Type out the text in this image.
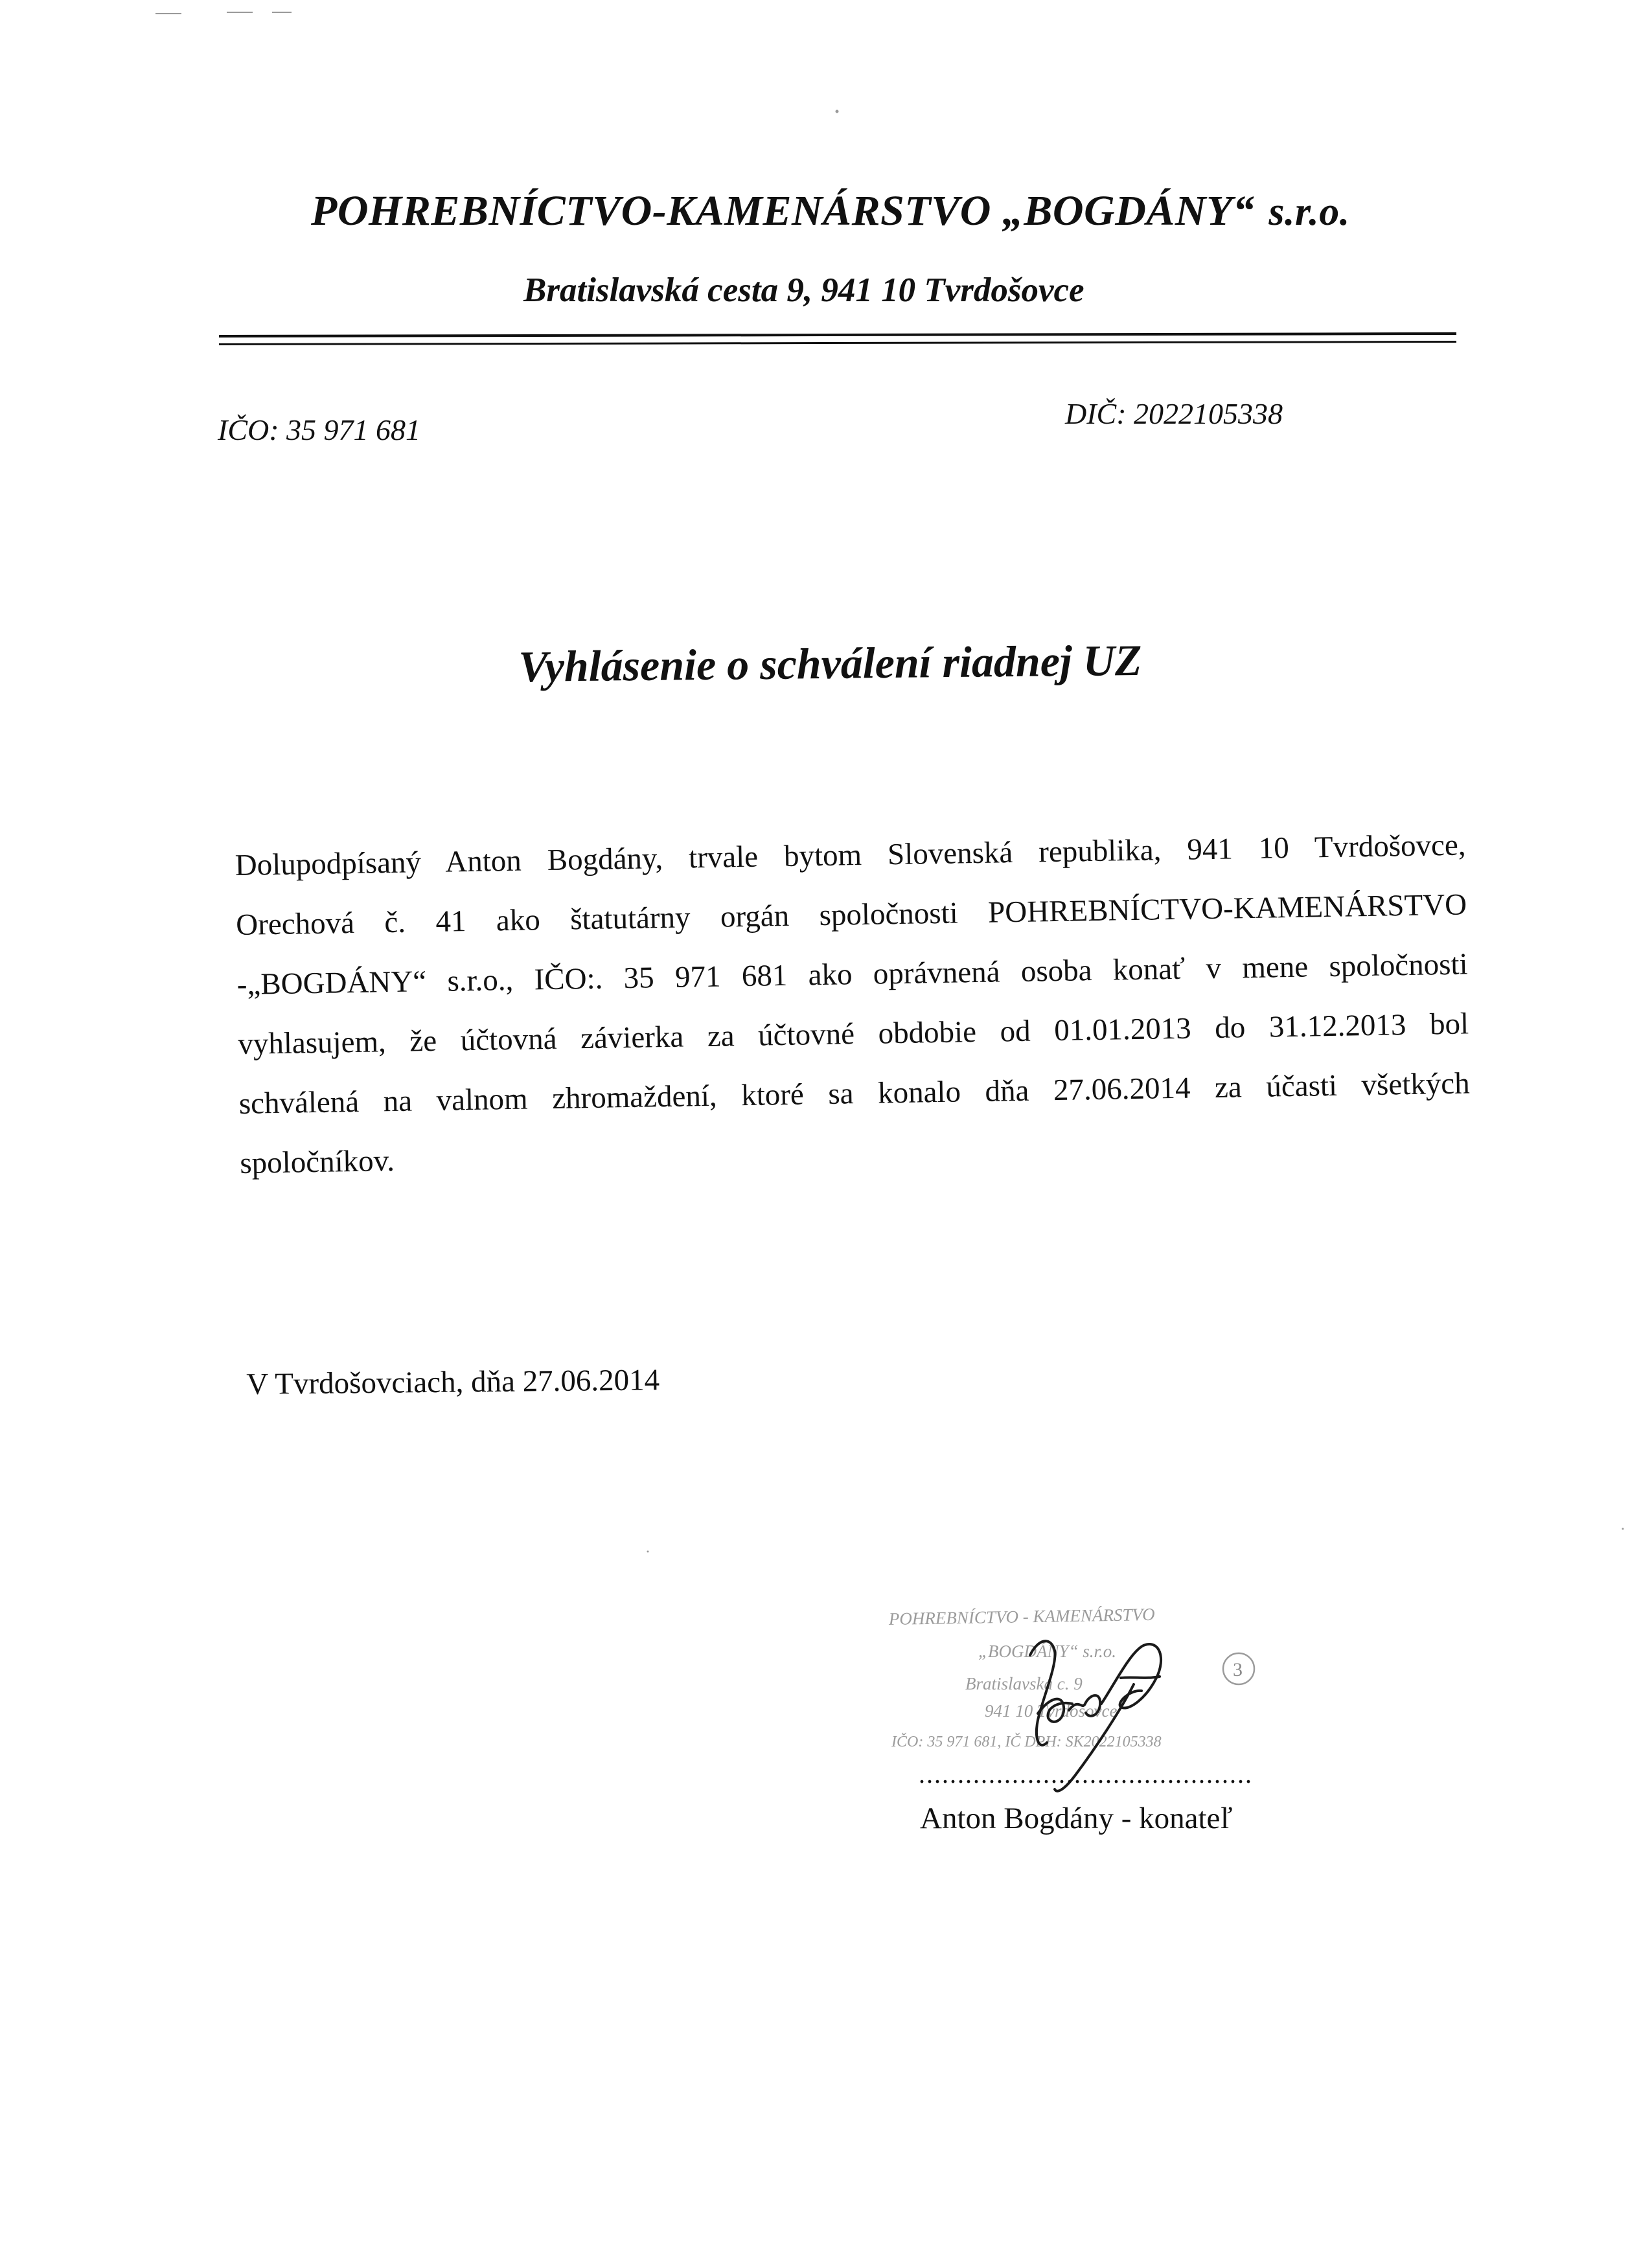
POHREBNÍCTVO-KAMENÁRSTVO „BOGDÁNY“ s.r.o.
Bratislavská cesta 9, 941 10 Tvrdošovce
IČO: 35 971 681	DIČ: 2022105338
Vyhlásenie o schválení riadnej UZ
Dolupodpísaný Anton Bogdány, trvale bytom Slovenská republika, 941 10 Tvrdošovce,
Orechová č. 41 ako štatutárny orgán spoločnosti POHREBNÍCTVO-KAMENÁRSTVO
-„BOGDÁNY“ s.r.o., IČO:. 35 971 681 ako oprávnená osoba konať v mene spoločnosti
vyhlasujem, že účtovná závierka za účtovné obdobie od 01.01.2013 do 31.12.2013 bol
schválená na valnom zhromaždení, ktoré sa konalo dňa 27.06.2014 za účasti všetkých
spoločníkov.
V Tvrdošovciach, dňa 27.06.2014
POHREBNÍCTVO - KAMENÁRSTVO
„BOGDÁNY“ s.r.o.
Bratislavská c. 9
941 10 Tvrdošovce
IČO: 35 971 681, IČ DPH: SK2022105338
3
...........................................
Anton Bogdány - konateľ
